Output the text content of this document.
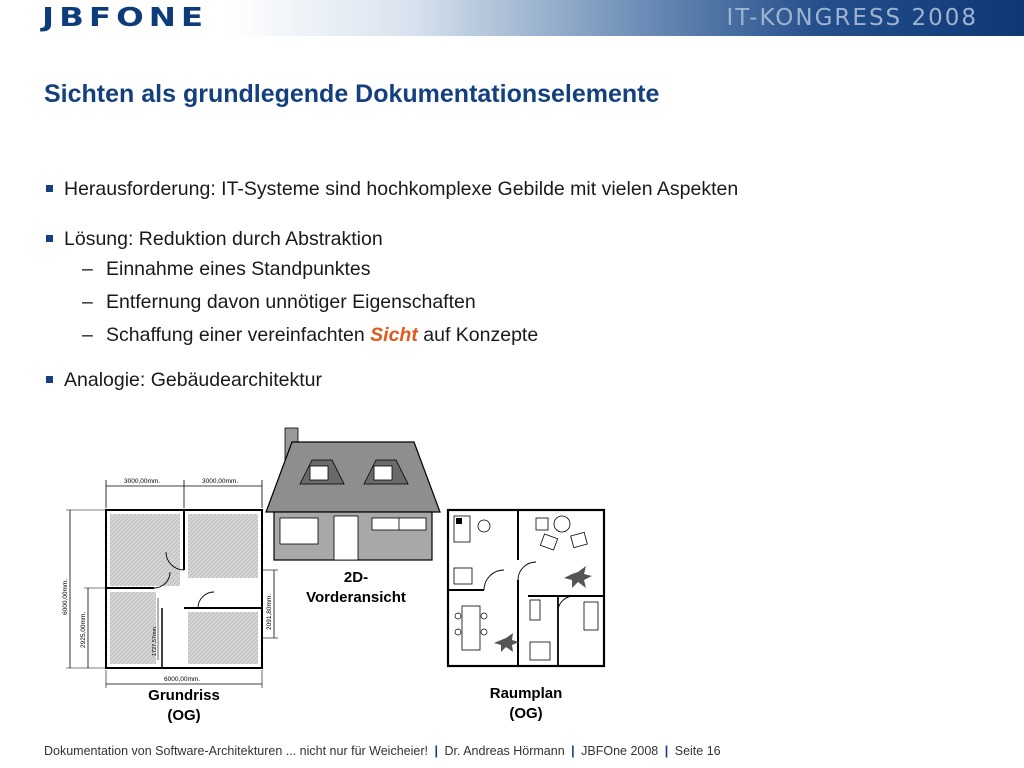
JBFONE	IT-KONGRESS 2008
Sichten als grundlegende Dokumentationselemente
Herausforderung: IT-Systeme sind hochkomplexe Gebilde mit vielen Aspekten
Lösung: Reduktion durch Abstraktion
– Einnahme eines Standpunktes
– Entfernung davon unnötiger Eigenschaften
– Schaffung einer vereinfachten Sicht auf Konzepte
Analogie: Gebäudearchitektur
3000,00mm.	3000,00mm.
6000,00mm.
2925,00mm.	1727,57mm.
2091,80mm.
6000,00mm.
Grundriss
(OG)
2D-
Vorderansicht
Raumplan
(OG)
Dokumentation von Software-Architekturen ... nicht nur für Weicheier! | Dr. Andreas Hörmann | JBFOne 2008 | Seite 16
